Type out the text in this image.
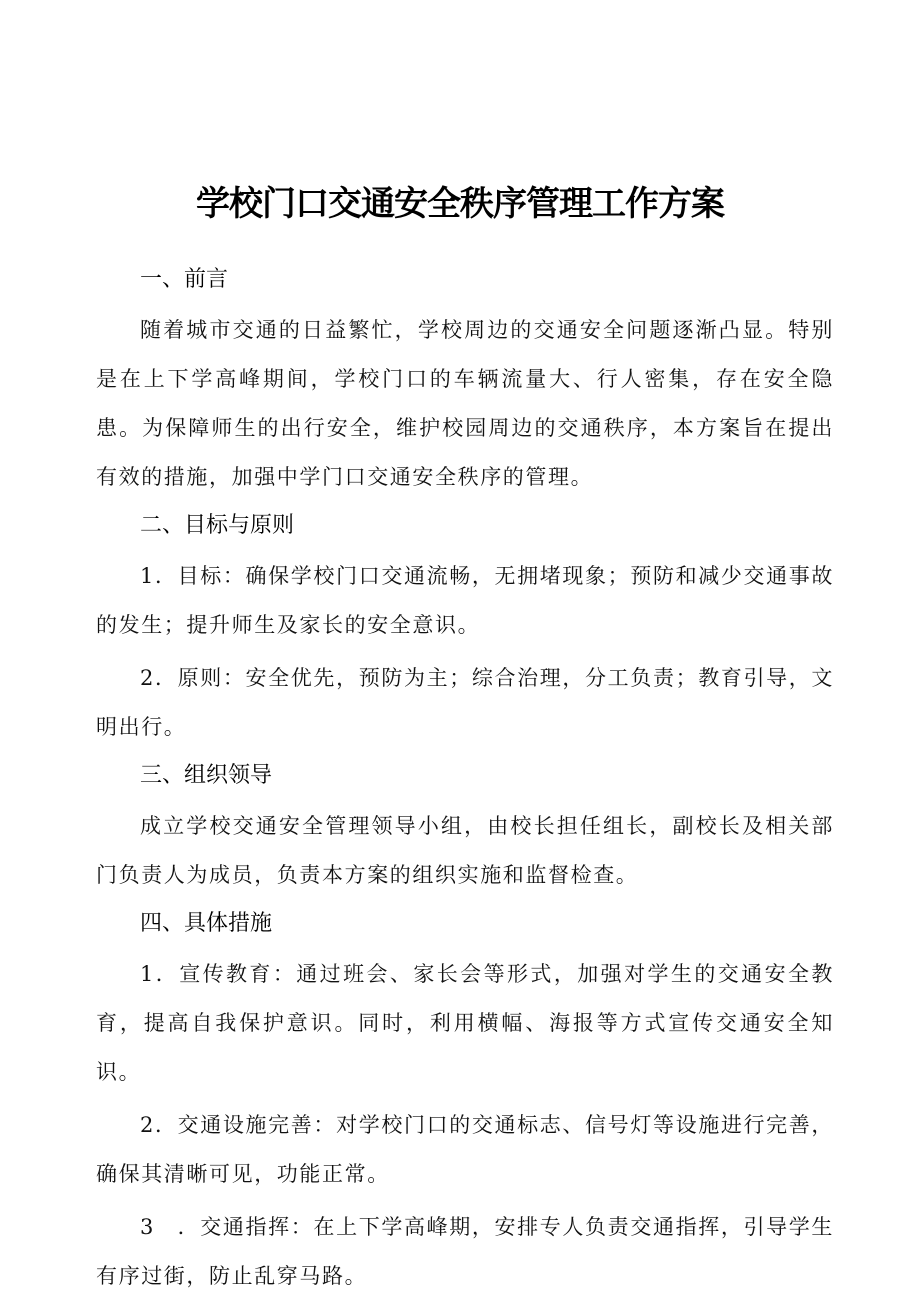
学校门口交通安全秩序管理工作方案
一、前言

随着城市交通的日益繁忙，学校周边的交通安全问题逐渐凸显。特别是在上下学高峰期间，学校门口的车辆流量大、行人密集，存在安全隐患。为保障师生的出行安全，维护校园周边的交通秩序，本方案旨在提出有效的措施，加强中学门口交通安全秩序的管理。

二、目标与原则

1．目标：确保学校门口交通流畅，无拥堵现象；预防和减少交通事故的发生；提升师生及家长的安全意识。

2．原则：安全优先，预防为主；综合治理，分工负责；教育引导，文明出行。

三、组织领导

成立学校交通安全管理领导小组，由校长担任组长，副校长及相关部门负责人为成员，负责本方案的组织实施和监督检查。

四、具体措施

1．宣传教育：通过班会、家长会等形式，加强对学生的交通安全教育，提高自我保护意识。同时，利用横幅、海报等方式宣传交通安全知识。

2．交通设施完善：对学校门口的交通标志、信号灯等设施进行完善，确保其清晰可见，功能正常。

3　．交通指挥：在上下学高峰期，安排专人负责交通指挥，引导学生有序过街，防止乱穿马路。
